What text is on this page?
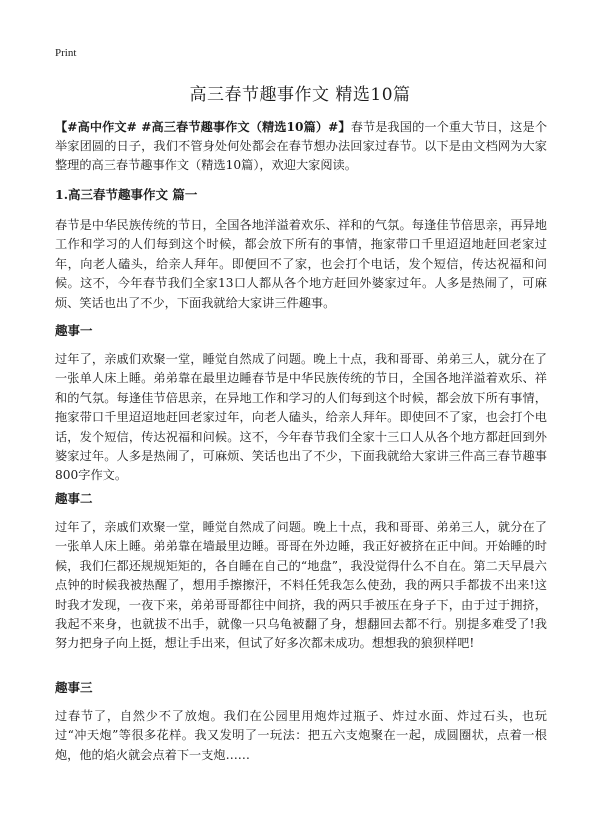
Print
高三春节趣事作文 精选10篇

【#高中作文# #高三春节趣事作文（精选10篇）#】春节是我国的一个重大节日，这是个举家团圆的日子，我们不管身处何处都会在春节想办法回家过春节。以下是由文档网为大家整理的高三春节趣事作文（精选10篇），欢迎大家阅读。

1.高三春节趣事作文 篇一

春节是中华民族传统的节日，全国各地洋溢着欢乐、祥和的气氛。每逢佳节倍思亲，再异地工作和学习的人们每到这个时候，都会放下所有的事情，拖家带口千里迢迢地赶回老家过年，向老人磕头，给亲人拜年。即便回不了家，也会打个电话，发个短信，传达祝福和问候。这不，今年春节我们全家13口人都从各个地方赶回外婆家过年。人多是热闹了，可麻烦、笑话也出了不少，下面我就给大家讲三件趣事。

趣事一

过年了，亲戚们欢聚一堂，睡觉自然成了问题。晚上十点，我和哥哥、弟弟三人，就分在了一张单人床上睡。弟弟靠在最里边睡春节是中华民族传统的节日，全国各地洋溢着欢乐、祥和的气氛。每逢佳节倍思亲，在异地工作和学习的人们每到这个时候，都会放下所有事情，拖家带口千里迢迢地赶回老家过年，向老人磕头，给亲人拜年。即使回不了家，也会打个电话，发个短信，传达祝福和问候。这不，今年春节我们全家十三口人从各个地方都赶回到外婆家过年。人多是热闹了，可麻烦、笑话也出了不少，下面我就给大家讲三件高三春节趣事800字作文。

趣事二

过年了，亲戚们欢聚一堂，睡觉自然成了问题。晚上十点，我和哥哥、弟弟三人，就分在了一张单人床上睡。弟弟靠在墙最里边睡。哥哥在外边睡，我正好被挤在正中间。开始睡的时候，我们仨都还规规矩矩的，各自睡在自己的“地盘”，我没觉得什么不自在。第二天早晨六点钟的时候我被热醒了，想用手擦擦汗，不料任凭我怎么使劲，我的两只手都拔不出来!这时我才发现，一夜下来，弟弟哥哥都往中间挤，我的两只手被压在身子下，由于过于拥挤，我起不来身，也就拔不出手，就像一只乌龟被翻了身，想翻回去都不行。别提多难受了!我努力把身子向上挺，想让手出来，但试了好多次都未成功。想想我的狼狈样吧!

趣事三

过春节了，自然少不了放炮。我们在公园里用炮炸过瓶子、炸过水面、炸过石头，也玩过“冲天炮”等很多花样。我又发明了一玩法：把五六支炮聚在一起，成圆圈状，点着一根炮，他的焰火就会点着下一支炮……
